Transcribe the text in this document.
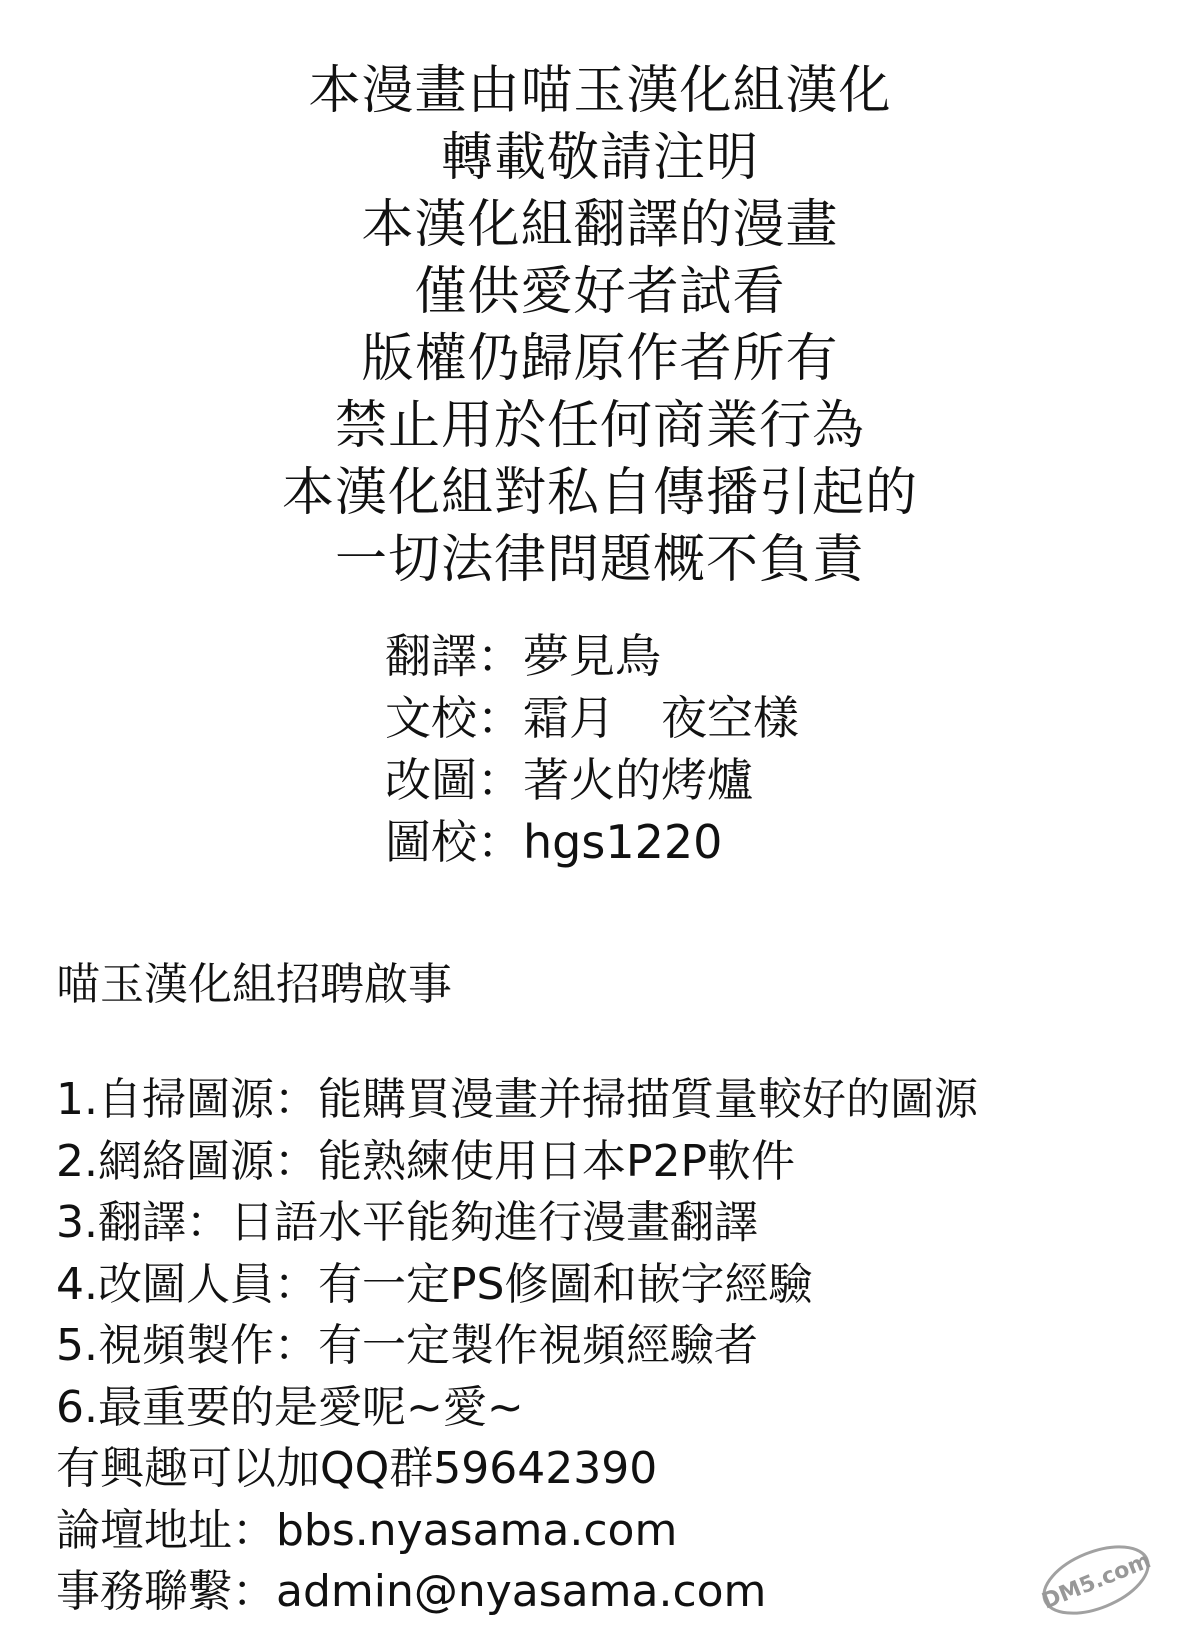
本漫畫由喵玉漢化組漢化
轉載敬請注明
本漢化組翻譯的漫畫
僅供愛好者試看
版權仍歸原作者所有
禁止用於任何商業行為
本漢化組對私自傳播引起的
一切法律問題概不負責
翻譯：夢見鳥
文校：霜月　夜空樣
改圖：著火的烤爐
圖校：hgs1220
喵玉漢化組招聘啟事
1.自掃圖源：能購買漫畫并掃描質量較好的圖源
2.網絡圖源：能熟練使用日本P2P軟件
3.翻譯：日語水平能夠進行漫畫翻譯
4.改圖人員：有一定PS修圖和嵌字經驗
5.視頻製作：有一定製作視頻經驗者
6.最重要的是愛呢~愛~
有興趣可以加QQ群59642390
論壇地址：bbs.nyasama.com
事務聯繫：admin@nyasama.com	DM5.com
